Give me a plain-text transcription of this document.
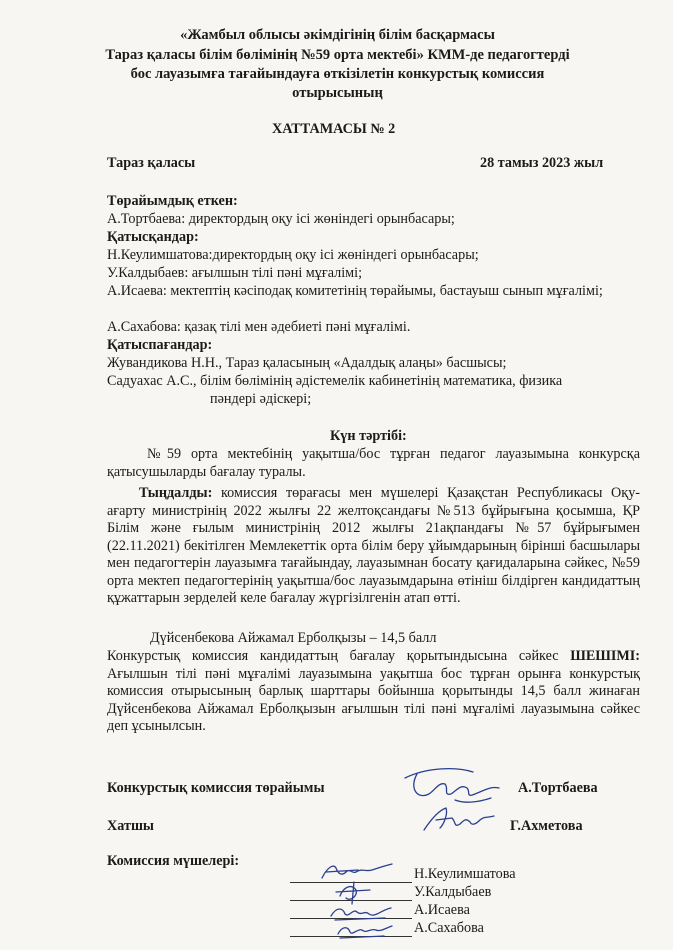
«Жамбыл облысы әкімдігінің білім басқармасы
Тараз қаласы білім бөлімінің №59 орта мектебі» КММ-де педагогтерді
бос лауазымға тағайындауға өткізілетін конкурстық комиссия
отырысының
ХАТТАМАСЫ № 2
Тараз қаласы	28 тамыз 2023 жыл
Төрайымдық еткен:
А.Тортбаева: директордың оқу ісі жөніндегі орынбасары;
Қатысқандар:
Н.Кеулимшатова:директордың оқу ісі жөніндегі орынбасары;
У.Калдыбаев: ағылшын тілі пәні мұғалімі;
А.Исаева: мектептің кәсіподақ комитетінің төрайымы, бастауыш сынып мұғалімі;
А.Сахабова: қазақ тілі мен әдебиеті пәні мұғалімі.
Қатыспағандар:
Жувандикова Н.Н., Тараз қаласының «Адалдық алаңы» басшысы;
Садуахас А.С., білім бөлімінің әдістемелік кабинетінің математика, физика
пәндері әдіскері;
Күн тәртібі:
№59 орта мектебінің уақытша/бос тұрған педагог лауазымына конкурсқа қатысушыларды бағалау туралы.
Тыңдалды: комиссия төрағасы мен мүшелері Қазақстан Республикасы Оқу-ағарту министрінің 2022 жылғы 22 желтоқсандағы №513 бұйрығына қосымша, ҚР Білім және ғылым министрінің 2012 жылғы 21ақпандағы №57 бұйрығымен (22.11.2021) бекітілген Мемлекеттік орта білім беру ұйымдарының бірінші басшылары мен педагогтерін лауазымға тағайындау, лауазымнан босату қағидаларына сәйкес, №59 орта мектеп педагогтерінің уақытша/бос лауазымдарына өтініш білдірген кандидаттың құжаттарын зерделей келе бағалау жүргізілгенін атап өтті.
Дүйсенбекова Айжамал Ерболқызы – 14,5 балл
Конкурстық комиссия кандидаттың бағалау қорытындысына сәйкес ШЕШІМІ: Ағылшын тілі пәні мұғалімі лауазымына уақытша бос тұрған орынға конкурстық комиссия отырысының барлық шарттары бойынша қорытынды 14,5 балл жинаған Дүйсенбекова Айжамал Ерболқызын ағылшын тілі пәні мұғалімі лауазымына сәйкес деп ұсынылсын.
Конкурстық комиссия төрайымы	А.Тортбаева
Хатшы	Г.Ахметова
Комиссия мүшелері:
Н.Кеулимшатова
У.Калдыбаев
А.Исаева
А.Сахабова
